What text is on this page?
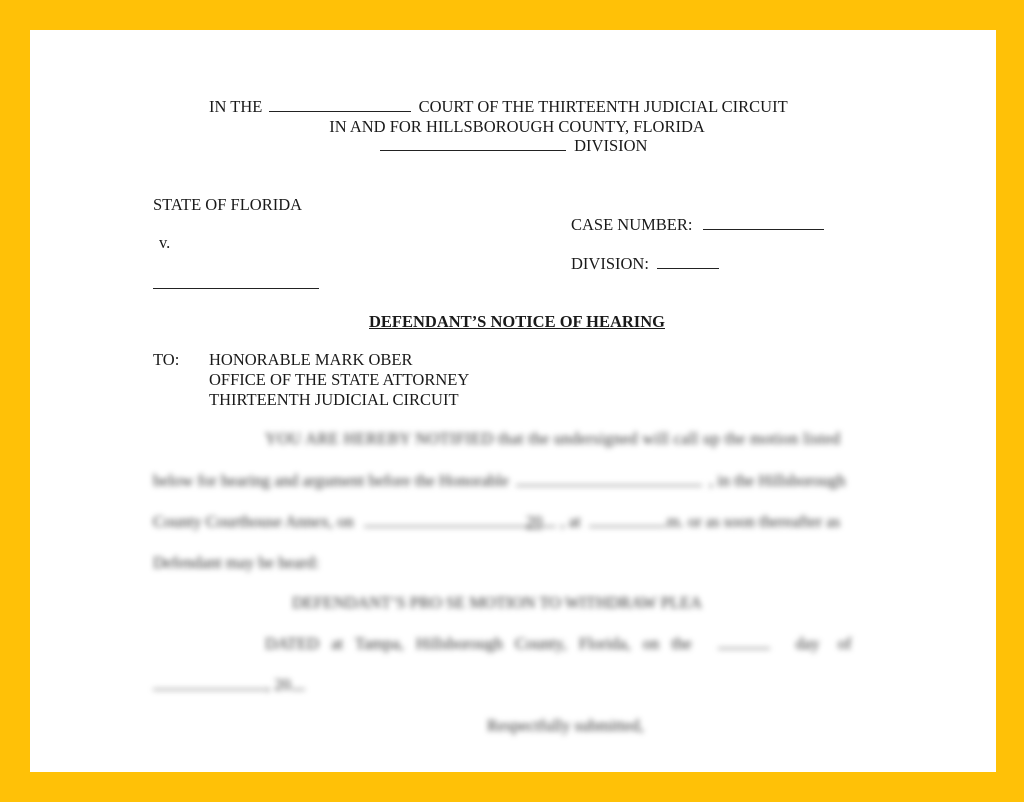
IN THE	COURT OF THE THIRTEENTH JUDICIAL CIRCUIT
IN AND FOR HILLSBOROUGH COUNTY, FLORIDA
DIVISION
STATE OF FLORIDA
v.
CASE NUMBER:
DIVISION:
DEFENDANT’S NOTICE OF HEARING
TO: HONORABLE MARK OBER
OFFICE OF THE STATE ATTORNEY
THIRTEENTH JUDICIAL CIRCUIT
YOU ARE HEREBY NOTIFIED that the undersigned will call up the motion listed
below for hearing and argument before the Honorable	, in the Hillsborough
County Courthouse Annex, on	20 , at	.m. or as soon thereafter as
Defendant may be heard:
DEFENDANT’S PRO SE MOTION TO WITHDRAW PLEA
DATED at Tampa, Hillsborough County, Florida, on the	day of
, 20
Respectfully submitted,
